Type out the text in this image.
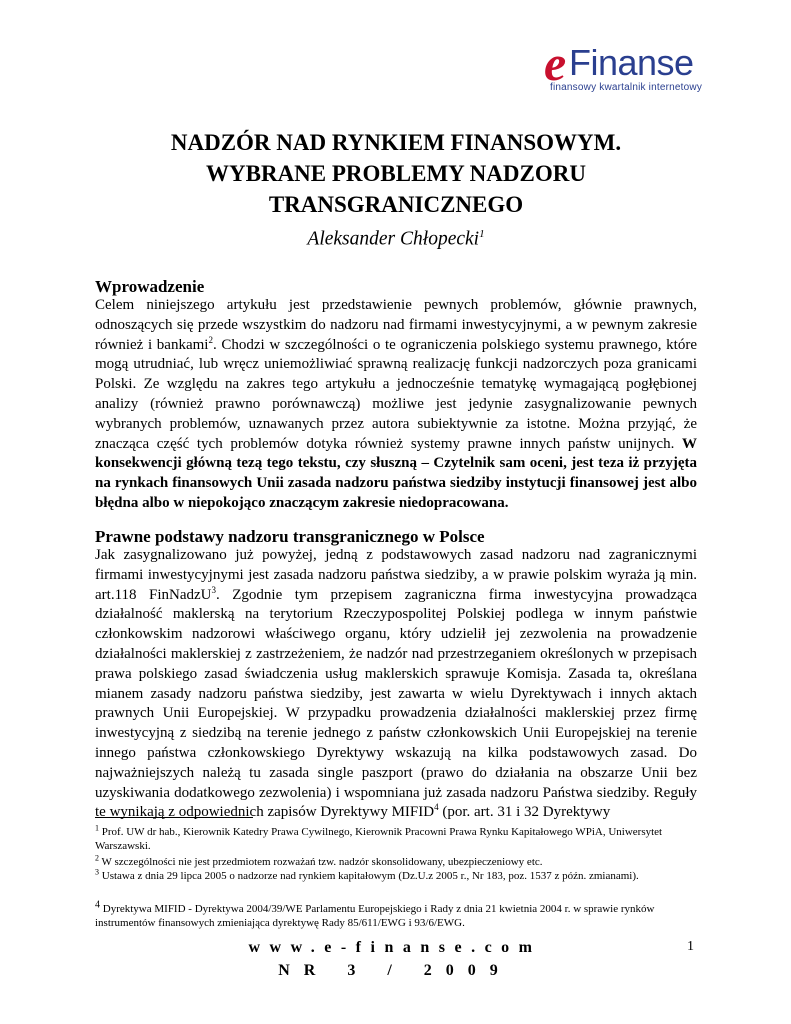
e Finanse
finansowy kwartalnik internetowy
NADZÓR NAD RYNKIEM FINANSOWYM.
WYBRANE PROBLEMY NADZORU
TRANSGRANICZNEGO
Aleksander Chłopecki$^1$
Wprowadzenie
Celem niniejszego artykułu jest przedstawienie pewnych problemów, głównie prawnych, odnoszących się przede wszystkim do nadzoru nad firmami inwestycyjnymi, a w pewnym zakresie również i bankami$^2$. Chodzi w szczególności o te ograniczenia polskiego systemu prawnego, które mogą utrudniać, lub wręcz uniemożliwiać sprawną realizację funkcji nadzorczych poza granicami Polski. Ze względu na zakres tego artykułu a jednocześnie tematykę wymagającą pogłębionej analizy (również prawno porównawczą) możliwe jest jedynie zasygnalizowanie pewnych wybranych problemów, uznawanych przez autora subiektywnie za istotne. Można przyjąć, że znacząca część tych problemów dotyka również systemy prawne innych państw unijnych. W konsekwencji główną tezą tego tekstu, czy słuszną – Czytelnik sam oceni, jest teza iż przyjęta na rynkach finansowych Unii zasada nadzoru państwa siedziby instytucji finansowej jest albo błędna albo w niepokojąco znaczącym zakresie niedopracowana.
Prawne podstawy nadzoru transgranicznego w Polsce
Jak zasygnalizowano już powyżej, jedną z podstawowych zasad nadzoru nad zagranicznymi firmami inwestycyjnymi jest zasada nadzoru państwa siedziby, a w prawie polskim wyraża ją min. art.118 FinNadzU$^3$. Zgodnie tym przepisem zagraniczna firma inwestycyjna prowadząca działalność maklerską na terytorium Rzeczypospolitej Polskiej podlega w innym państwie członkowskim nadzorowi właściwego organu, który udzielił jej zezwolenia na prowadzenie działalności maklerskiej z zastrzeżeniem, że nadzór nad przestrzeganiem określonych w przepisach prawa polskiego zasad świadczenia usług maklerskich sprawuje Komisja. Zasada ta, określana mianem zasady nadzoru państwa siedziby, jest zawarta w wielu Dyrektywach i innych aktach prawnych Unii Europejskiej. W przypadku prowadzenia działalności maklerskiej przez firmę inwestycyjną z siedzibą na terenie jednego z państw członkowskich Unii Europejskiej na terenie innego państwa członkowskiego Dyrektywy wskazują na kilka podstawowych zasad. Do najważniejszych należą tu zasada single paszport (prawo do działania na obszarze Unii bez uzyskiwania dodatkowego zezwolenia) i wspomniana już zasada nadzoru Państwa siedziby. Reguły te wynikają z odpowiednich zapisów Dyrektywy MIFID$^4$ (por. art. 31 i 32 Dyrektywy
$^1$ Prof. UW dr hab., Kierownik Katedry Prawa Cywilnego, Kierownik Pracowni Prawa Rynku Kapitałowego WPiA, Uniwersytet Warszawski.
$^2$ W szczególności nie jest przedmiotem rozważań tzw. nadzór skonsolidowany, ubezpieczeniowy etc.
$^3$ Ustawa z dnia 29 lipca 2005 o nadzorze nad rynkiem kapitałowym (Dz.U.z 2005 r., Nr 183, poz. 1537 z późn. zmianami).
$^4$ Dyrektywa MIFID - Dyrektywa 2004/39/WE Parlamentu Europejskiego i Rady z dnia 21 kwietnia 2004 r. w sprawie rynków instrumentów finansowych zmieniająca dyrektywę Rady 85/611/EWG i 93/6/EWG.
www.e-finanse.com
NR 3 / 2009
1
